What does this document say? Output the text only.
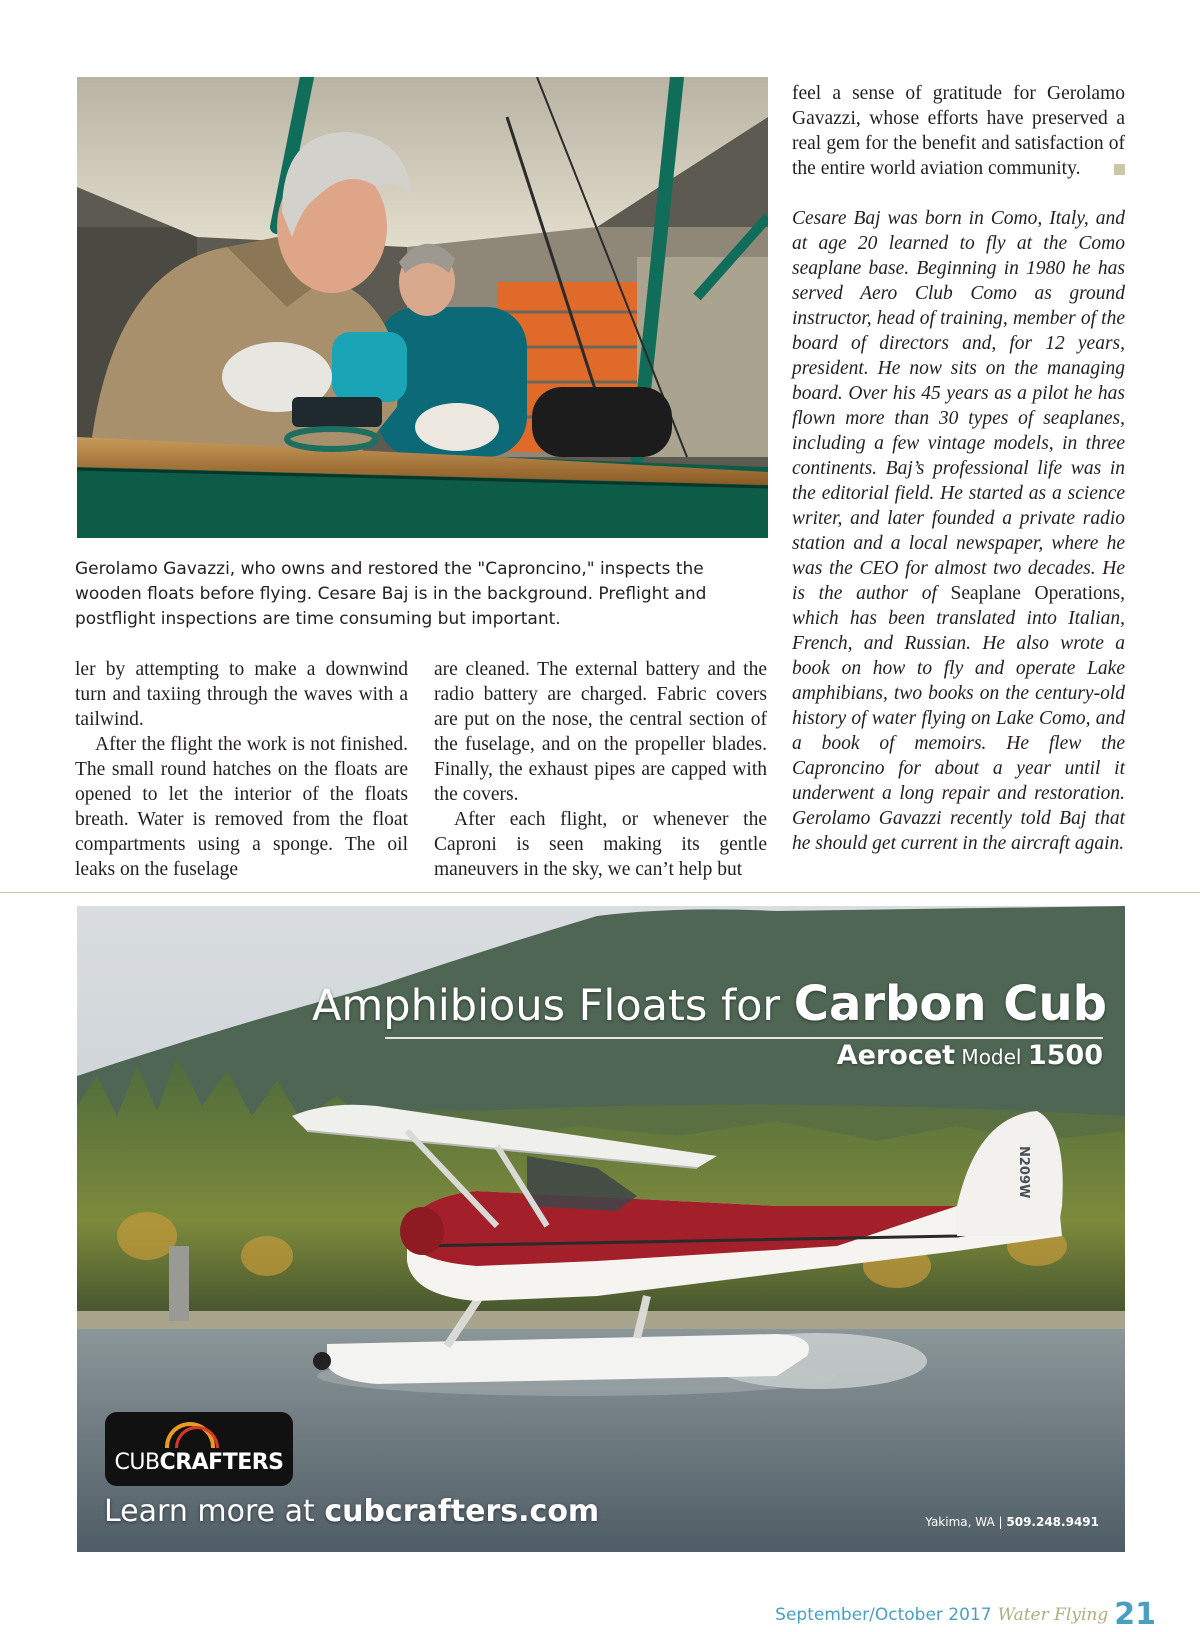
Gerolamo Gavazzi, who owns and restored the "Caproncino," inspects the wooden floats before flying. Cesare Baj is in the background. Preflight and postflight inspections are time consuming but important.

ler by attempting to make a downwind turn and taxiing through the waves with a tailwind.

After the flight the work is not finished. The small round hatches on the floats are opened to let the interior of the floats breath. Water is removed from the float compartments using a sponge. The oil leaks on the fuselage

are cleaned. The external battery and the radio battery are charged. Fabric covers are put on the nose, the central section of the fuselage, and on the propeller blades. Finally, the exhaust pipes are capped with the covers.

After each flight, or whenever the Caproni is seen making its gentle maneuvers in the sky, we can’t help but

feel a sense of gratitude for Gerolamo Gavazzi, whose efforts have preserved a real gem for the benefit and satisfaction of the entire world aviation community.

Cesare Baj was born in Como, Italy, and at age 20 learned to fly at the Como seaplane base. Beginning in 1980 he has served Aero Club Como as ground instructor, head of training, member of the board of directors and, for 12 years, president. He now sits on the managing board. Over his 45 years as a pilot he has flown more than 30 types of seaplanes, including a few vintage models, in three continents. Baj’s professional life was in the editorial field. He started as a science writer, and later founded a private radio station and a local newspaper, where he was the CEO for almost two decades. He is the author of Seaplane Operations, which has been translated into Italian, French, and Russian. He also wrote a book on how to fly and operate Lake amphibians, two books on the century-old history of water flying on Lake Como, and a book of memoirs. He flew the Caproncino for about a year until it underwent a long repair and restoration. Gerolamo Gavazzi recently told Baj that he should get current in the aircraft again.

N209W
Amphibious Floats for Carbon Cub
Aerocet Model 1500
CUBCRAFTERS
Learn more at cubcrafters.com	Yakima, WA | 509.248.9491
September/October 2017 Water Flying 21
